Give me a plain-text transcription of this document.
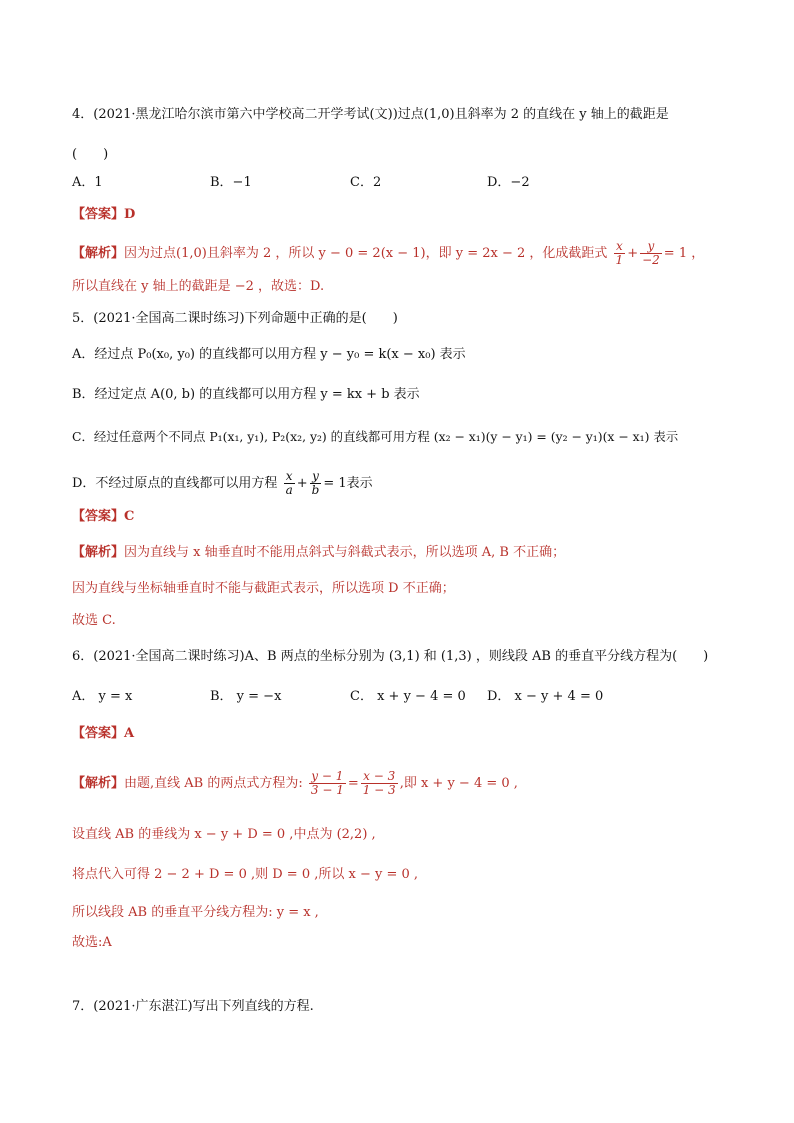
4．(2021·黑龙江哈尔滨市第六中学校高二开学考试(文))过点(1,0)且斜率为 2 的直线在 y 轴上的截距是
(　　)
A．1	B．−1	C．2	D．−2
【答案】D
【解析】因为过点(1,0)且斜率为 2 ，所以 y − 0 = 2(x − 1)，即 y = 2x − 2 ，化成截距式 $\frac{x}{1} + \frac{y}{-2} = 1$ ，
所以直线在 y 轴上的截距是 −2 ，故选：D.
5．(2021·全国高二课时练习)下列命题中正确的是(　　)
A．经过点 P₀(x₀, y₀) 的直线都可以用方程 y − y₀ = k(x − x₀) 表示
B．经过定点 A(0, b) 的直线都可以用方程 y = kx + b 表示
C．经过任意两个不同点 P₁(x₁, y₁), P₂(x₂, y₂) 的直线都可用方程 (x₂ − x₁)(y − y₁) = (y₂ − y₁)(x − x₁) 表示
D．不经过原点的直线都可以用方程 $\frac{x}{a} + \frac{y}{b} = 1$表示
【答案】C
【解析】因为直线与 x 轴垂直时不能用点斜式与斜截式表示，所以选项 A, B 不正确；
因为直线与坐标轴垂直时不能与截距式表示，所以选项 D 不正确；
故选 C.
6．(2021·全国高二课时练习)A、B 两点的坐标分别为 (3,1) 和 (1,3) ，则线段 AB 的垂直平分线方程为(　　)
A． y = x	B． y = −x	C． x + y − 4 = 0 D． x − y + 4 = 0
【答案】A
【解析】由题,直线 AB 的两点式方程为: $\frac{y - 1}{3 - 1} = \frac{x - 3}{1 - 3}$ ,即 x + y − 4 = 0 ,
设直线 AB 的垂线为 x − y + D = 0 ,中点为 (2,2) ,
将点代入可得 2 − 2 + D = 0 ,则 D = 0 ,所以 x − y = 0 ,
所以线段 AB 的垂直平分线方程为: y = x ,
故选:A
7．(2021·广东湛江)写出下列直线的方程.
